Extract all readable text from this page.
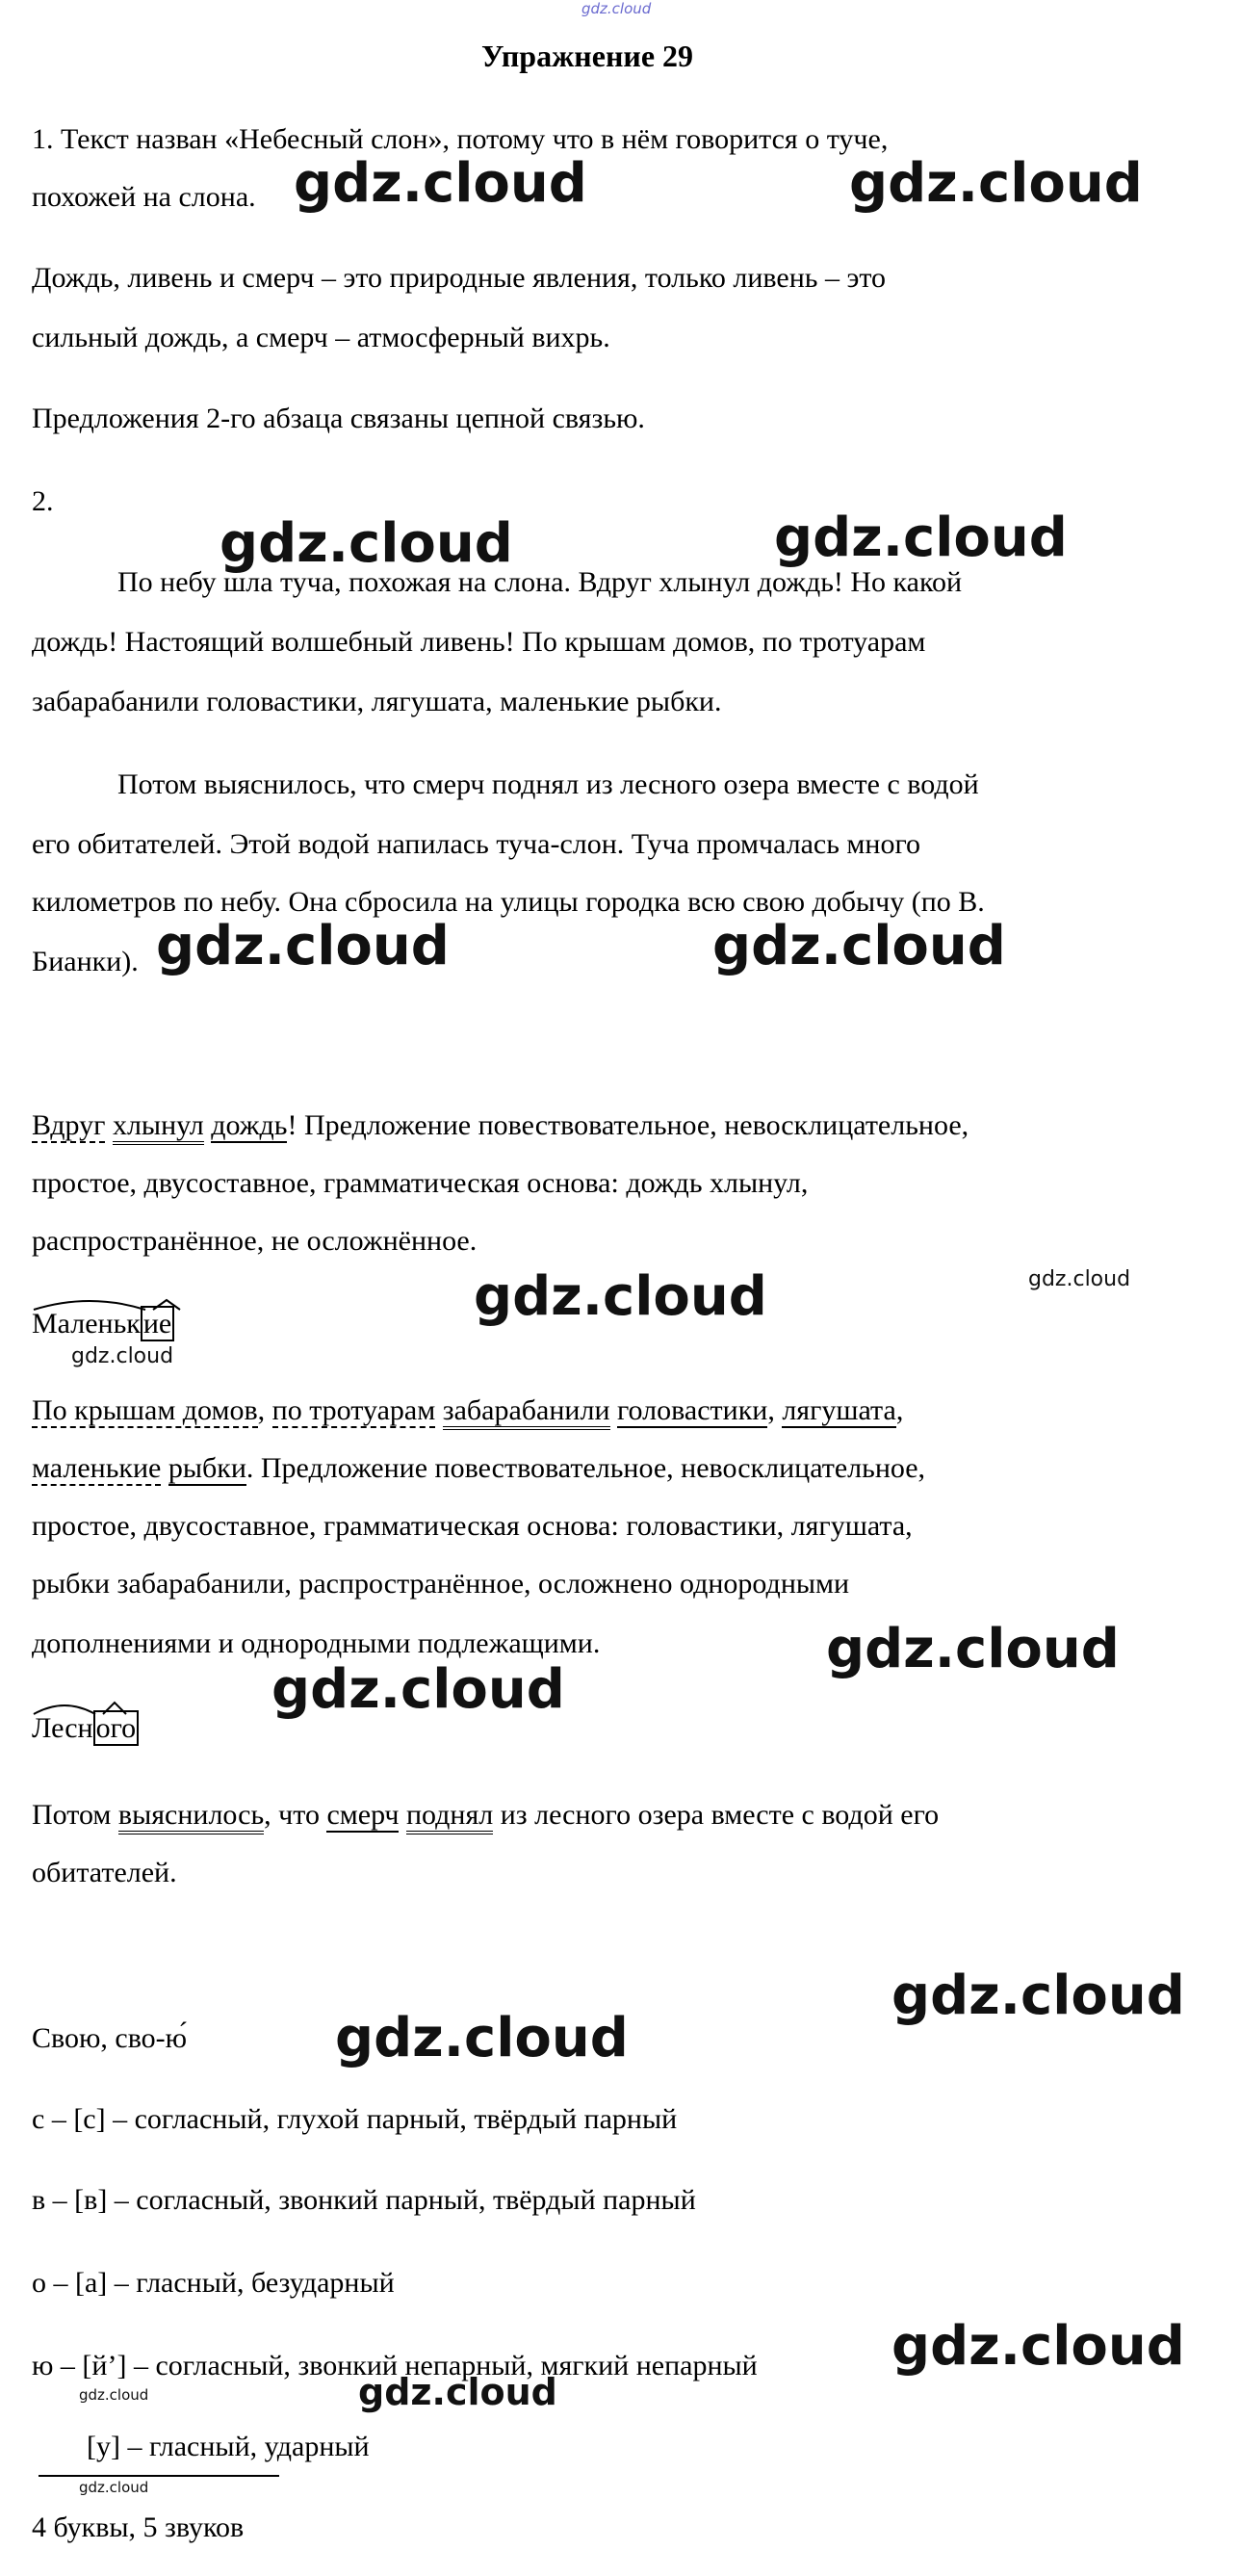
gdz.cloud
Упражнение 29
1. Текст назван «Небесный слон», потому что в нём говорится о туче,
похожей на слона. gdz.cloud	gdz.cloud
Дождь, ливень и смерч – это природные явления, только ливень – это
сильный дождь, а смерч – атмосферный вихрь.
Предложения 2-го абзаца связаны цепной связью.
2.
gdz.cloud	gdz.cloud
По небу шла туча, похожая на слона. Вдруг хлынул дождь! Но какой
дождь! Настоящий волшебный ливень! По крышам домов, по тротуарам
забарабанили головастики, лягушата, маленькие рыбки.
Потом выяснилось, что смерч поднял из лесного озера вместе с водой
его обитателей. Этой водой напилась туча-слон. Туча промчалась много
километров по небу. Она сбросила на улицы городка всю свою добычу (по В.
Бианки). gdz.cloud	gdz.cloud
Вдруг хлынул дождь! Предложение повествовательное, невосклицательное,
простое, двусоставное, грамматическая основа: дождь хлынул,
распространённое, не осложнённое.
gdz.cloud
gdz.cloud
Маленьк ие
gdz.cloud
По крышам домов, по тротуарам забарабанили головастики, лягушата,
маленькие рыбки. Предложение повествовательное, невосклицательное,
простое, двусоставное, грамматическая основа: головастики, лягушата,
рыбки забарабанили, распространённое, осложнено однородными
дополнениями и однородными подлежащими.	gdz.cloud
gdz.cloud
Лесн ого
Потом выяснилось, что смерч поднял из лесного озера вместе с водой его
обитателей.
gdz.cloud
Свою, сво-ю́	gdz.cloud
с – [с] – согласный, глухой парный, твёрдый парный
в – [в] – согласный, звонкий парный, твёрдый парный
о – [а] – гласный, безударный
ю – [й’] – согласный, звонкий непарный, мягкий непарный gdz.cloud
gdz.cloud	gdz.cloud
[у] – гласный, ударный
gdz.cloud
4 буквы, 5 звуков
